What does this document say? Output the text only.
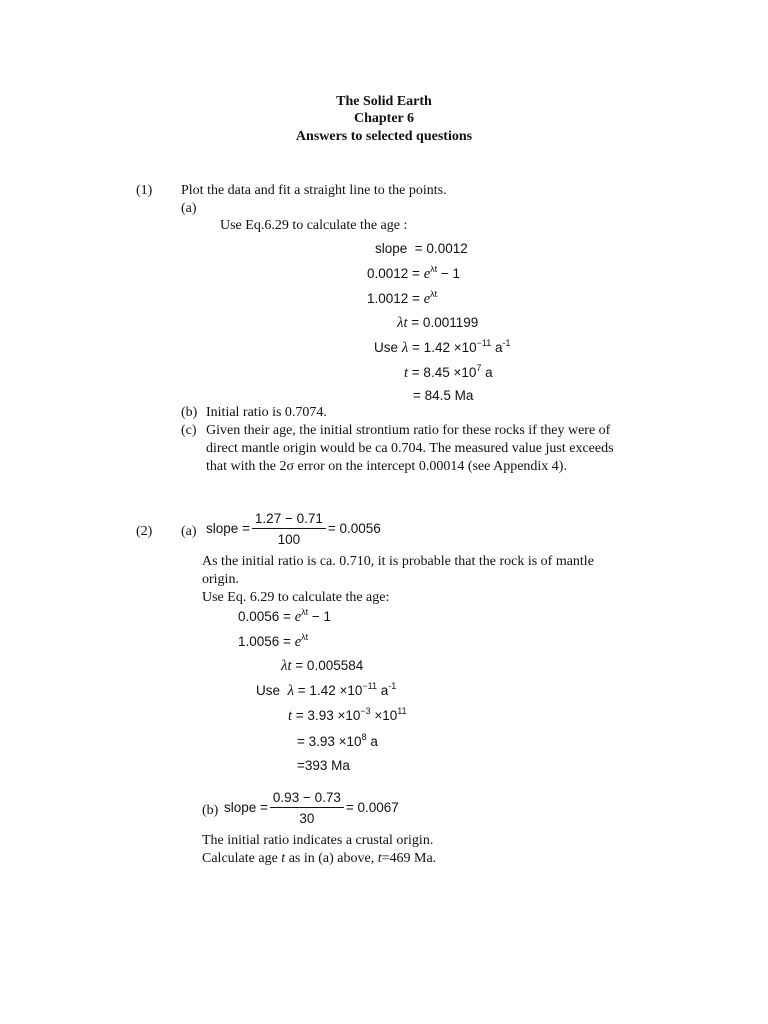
The Solid Earth
Chapter 6
Answers to selected questions
(1) Plot the data and fit a straight line to the points.
(a)
Use Eq.6.29 to calculate the age :
slope = 0.0012
$0.0012 = e^{\lambda t} - 1$
$1.0012 = e^{\lambda t}$
λt = 0.001199
Use $\lambda = 1.42 \times 10^{-11}$ $a^{-1}$
$t = 8.45 \times 10^7$ a
= 84.5 Ma
(b) Initial ratio is 0.7074.
(c) Given their age, the initial strontium ratio for these rocks if they were of
direct mantle origin would be ca 0.704. The measured value just exceeds
that with the 2σ error on the intercept 0.00014 (see Appendix 4).
(2) (a) slope = $\frac{1.27 - 0.71}{100} = 0.0056$
As the initial ratio is ca. 0.710, it is probable that the rock is of mantle
origin.
Use Eq. 6.29 to calculate the age:
$0.0056 = e^{\lambda t} - 1$
$1.0056 = e^{\lambda t}$
λt = 0.005584
Use $\lambda = 1.42 \times 10^{-11}$ $a^{-1}$
$t = 3.93 \times 10^{-3} \times 10^{11}$
= $3.93 \times 10^8$ a
=393 Ma
(b) slope = $\frac{0.93 - 0.73}{30} = 0.0067$
The initial ratio indicates a crustal origin.
Calculate age t as in (a) above, t=469 Ma.
